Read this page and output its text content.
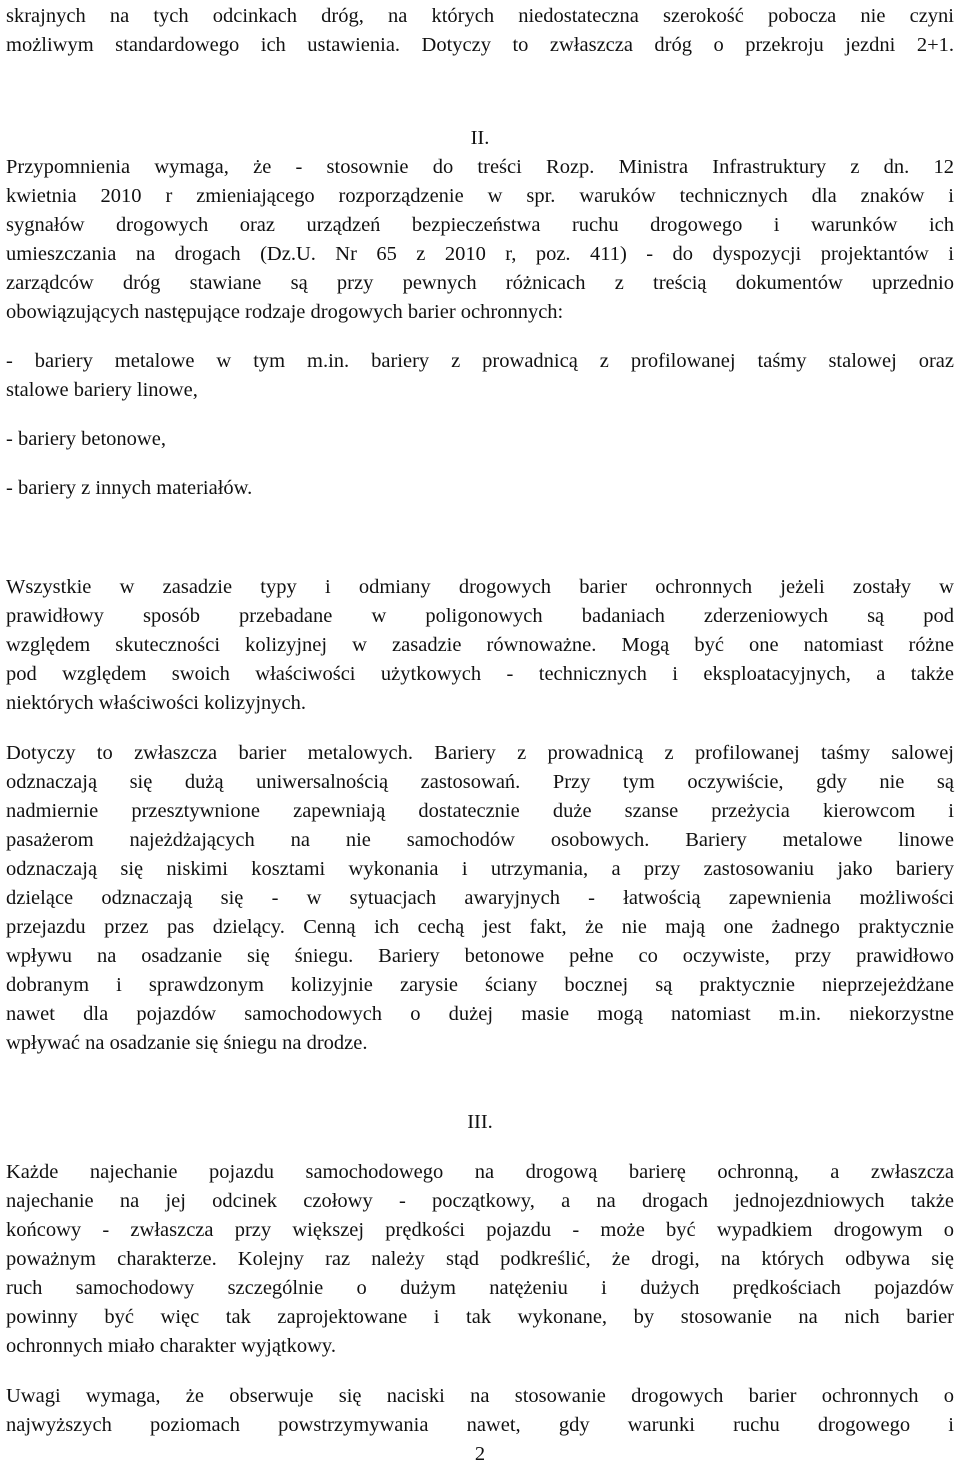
skrajnych na tych odcinkach dróg, na których niedostateczna szerokość pobocza nie czyni
możliwym standardowego ich ustawienia. Dotyczy to zwłaszcza dróg o przekroju jezdni 2+1.
II.
Przypomnienia wymaga, że - stosownie do treści Rozp. Ministra Infrastruktury z dn. 12
kwietnia 2010 r zmieniającego rozporządzenie w spr. waruków technicznych dla znaków i
sygnałów drogowych oraz urządzeń bezpieczeństwa ruchu drogowego i warunków ich
umieszczania na drogach (Dz.U. Nr 65 z 2010 r, poz. 411) - do dyspozycji projektantów i
zarządców dróg stawiane są przy pewnych różnicach z treścią dokumentów uprzednio
obowiązujących następujące rodzaje drogowych barier ochronnych:
- bariery metalowe w tym m.in. bariery z prowadnicą z profilowanej taśmy stalowej oraz
stalowe bariery linowe,
- bariery betonowe,
- bariery z innych materiałów.
Wszystkie w zasadzie typy i odmiany drogowych barier ochronnych jeżeli zostały w
prawidłowy sposób przebadane w poligonowych badaniach zderzeniowych są pod
względem skuteczności kolizyjnej w zasadzie równoważne. Mogą być one natomiast różne
pod względem swoich właściwości użytkowych - technicznych i eksploatacyjnych, a także
niektórych właściwości kolizyjnych.
Dotyczy to zwłaszcza barier metalowych. Bariery z prowadnicą z profilowanej taśmy salowej
odznaczają się dużą uniwersalnością zastosowań. Przy tym oczywiście, gdy nie są
nadmiernie przesztywnione zapewniają dostatecznie duże szanse przeżycia kierowcom i
pasażerom najeżdżających na nie samochodów osobowych. Bariery metalowe linowe
odznaczają się niskimi kosztami wykonania i utrzymania, a przy zastosowaniu jako bariery
dzielące odznaczają się - w sytuacjach awaryjnych - łatwością zapewnienia możliwości
przejazdu przez pas dzielący. Cenną ich cechą jest fakt, że nie mają one żadnego praktycznie
wpływu na osadzanie się śniegu. Bariery betonowe pełne co oczywiste, przy prawidłowo
dobranym i sprawdzonym kolizyjnie zarysie ściany bocznej są praktycznie nieprzejeżdżane
nawet dla pojazdów samochodowych o dużej masie mogą natomiast m.in. niekorzystne
wpływać na osadzanie się śniegu na drodze.
III.
Każde najechanie pojazdu samochodowego na drogową barierę ochronną, a zwłaszcza
najechanie na jej odcinek czołowy - początkowy, a na drogach jednojezdniowych także
końcowy - zwłaszcza przy większej prędkości pojazdu - może być wypadkiem drogowym o
poważnym charakterze. Kolejny raz należy stąd podkreślić, że drogi, na których odbywa się
ruch samochodowy szczególnie o dużym natężeniu i dużych prędkościach pojazdów
powinny być więc tak zaprojektowane i tak wykonane, by stosowanie na nich barier
ochronnych miało charakter wyjątkowy.
Uwagi wymaga, że obserwuje się naciski na stosowanie drogowych barier ochronnych o
najwyższych poziomach powstrzymywania nawet, gdy warunki ruchu drogowego i
2
